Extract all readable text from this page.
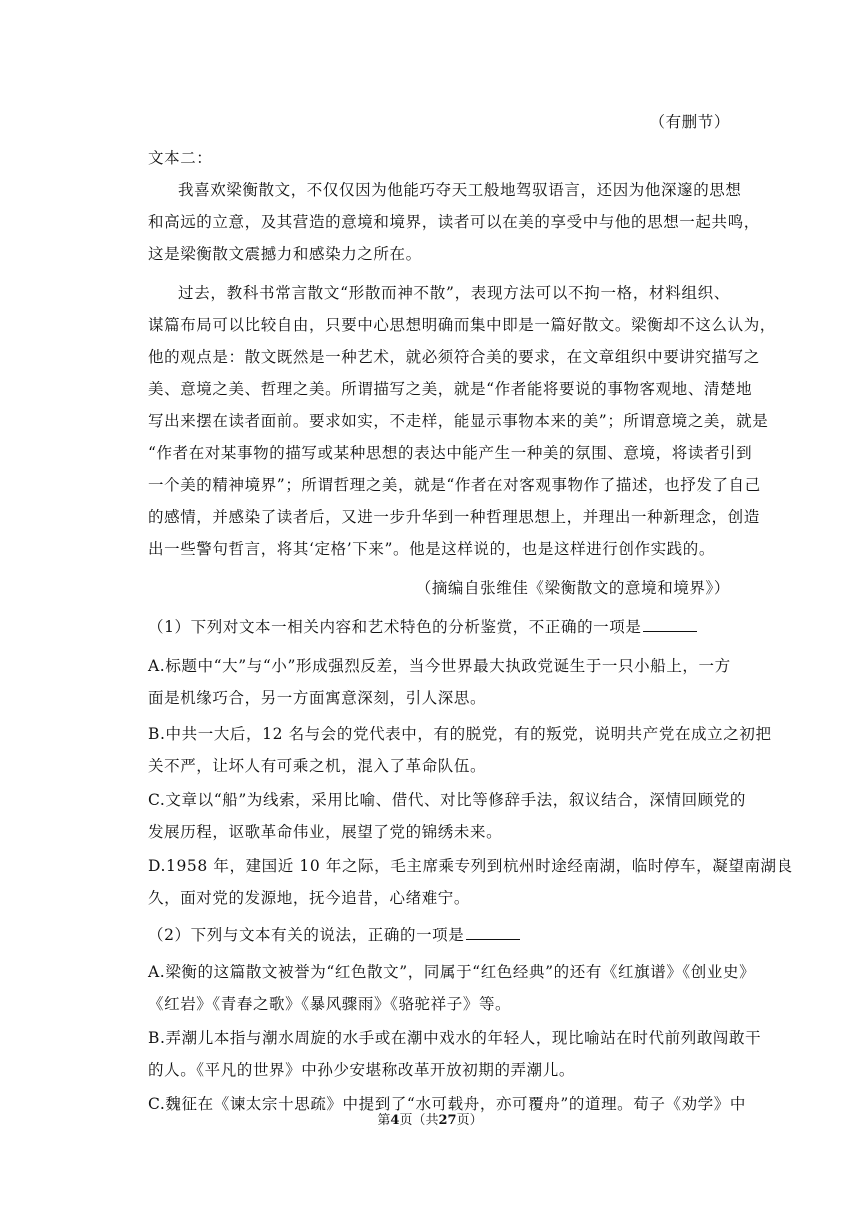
（有删节）
文本二：
我喜欢梁衡散文，不仅仅因为他能巧夺天工般地驾驭语言，还因为他深邃的思想
和高远的立意，及其营造的意境和境界，读者可以在美的享受中与他的思想一起共鸣，
这是梁衡散文震撼力和感染力之所在。
过去，教科书常言散文“形散而神不散”，表现方法可以不拘一格，材料组织、
谋篇布局可以比较自由，只要中心思想明确而集中即是一篇好散文。梁衡却不这么认为，
他的观点是：散文既然是一种艺术，就必须符合美的要求，在文章组织中要讲究描写之
美、意境之美、哲理之美。所谓描写之美，就是“作者能将要说的事物客观地、清楚地
写出来摆在读者面前。要求如实，不走样，能显示事物本来的美”；所谓意境之美，就是
“作者在对某事物的描写或某种思想的表达中能产生一种美的氛围、意境，将读者引到
一个美的精神境界”；所谓哲理之美，就是“作者在对客观事物作了描述，也抒发了自己
的感情，并感染了读者后，又进一步升华到一种哲理思想上，并理出一种新理念，创造
出一些警句哲言，将其‘定格’下来”。他是这样说的，也是这样进行创作实践的。
（摘编自张维佳《梁衡散文的意境和境界》）
（1）下列对文本一相关内容和艺术特色的分析鉴赏，不正确的一项是
A.标题中“大”与“小”形成强烈反差，当今世界最大执政党诞生于一只小船上，一方
面是机缘巧合，另一方面寓意深刻，引人深思。
B.中共一大后，12 名与会的党代表中，有的脱党，有的叛党，说明共产党在成立之初把
关不严，让坏人有可乘之机，混入了革命队伍。
C.文章以“船”为线索，采用比喻、借代、对比等修辞手法，叙议结合，深情回顾党的
发展历程，讴歌革命伟业，展望了党的锦绣未来。
D.1958 年，建国近 10 年之际，毛主席乘专列到杭州时途经南湖，临时停车，凝望南湖良
久，面对党的发源地，抚今追昔，心绪难宁。
（2）下列与文本有关的说法，正确的一项是
A.梁衡的这篇散文被誉为“红色散文”，同属于“红色经典”的还有《红旗谱》《创业史》
《红岩》《青春之歌》《暴风骤雨》《骆驼祥子》等。
B.弄潮儿本指与潮水周旋的水手或在潮中戏水的年轻人，现比喻站在时代前列敢闯敢干
的人。《平凡的世界》中孙少安堪称改革开放初期的弄潮儿。
C.魏征在《谏太宗十思疏》中提到了“水可载舟，亦可覆舟”的道理。荀子《劝学》中
第4页（共27页）
